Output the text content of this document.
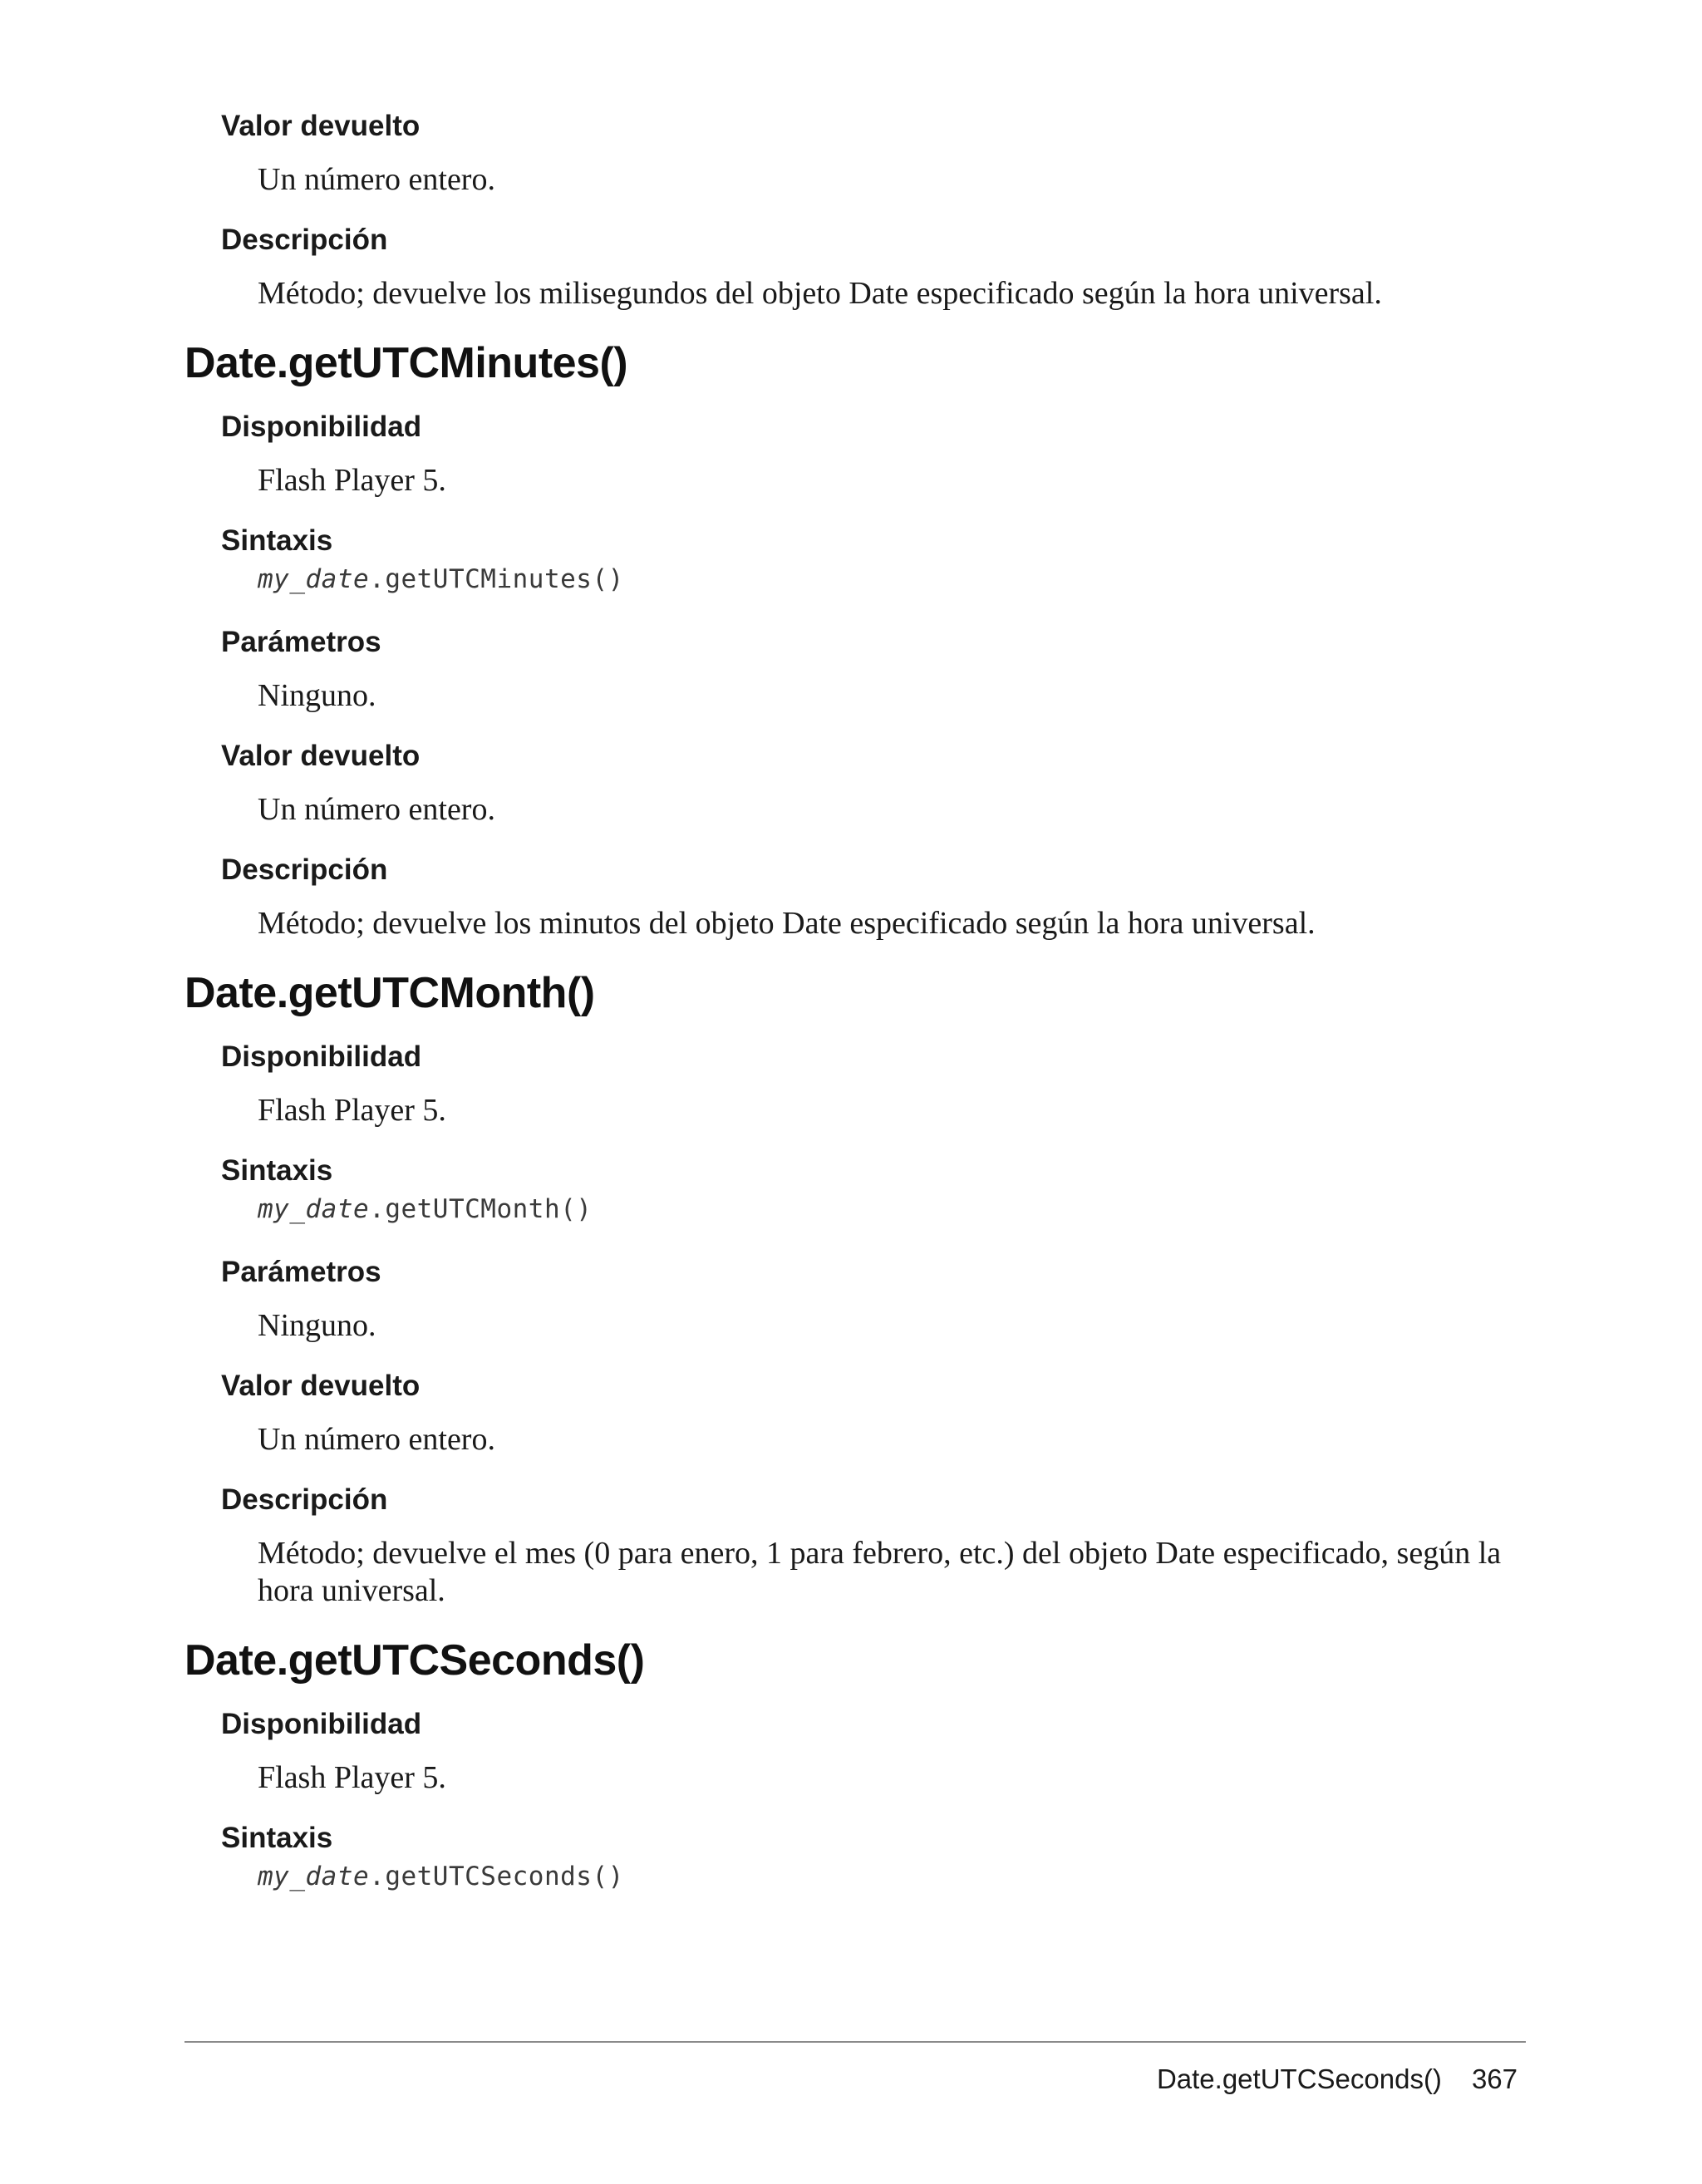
Valor devuelto
Un número entero.
Descripción
Método; devuelve los milisegundos del objeto Date especificado según la hora universal.
Date.getUTCMinutes()
Disponibilidad
Flash Player 5.
Sintaxis
my_date.getUTCMinutes()
Parámetros
Ninguno.
Valor devuelto
Un número entero.
Descripción
Método; devuelve los minutos del objeto Date especificado según la hora universal.
Date.getUTCMonth()
Disponibilidad
Flash Player 5.
Sintaxis
my_date.getUTCMonth()
Parámetros
Ninguno.
Valor devuelto
Un número entero.
Descripción
Método; devuelve el mes (0 para enero, 1 para febrero, etc.) del objeto Date especificado, según la hora universal.
Date.getUTCSeconds()
Disponibilidad
Flash Player 5.
Sintaxis
my_date.getUTCSeconds()
Date.getUTCSeconds() 367
